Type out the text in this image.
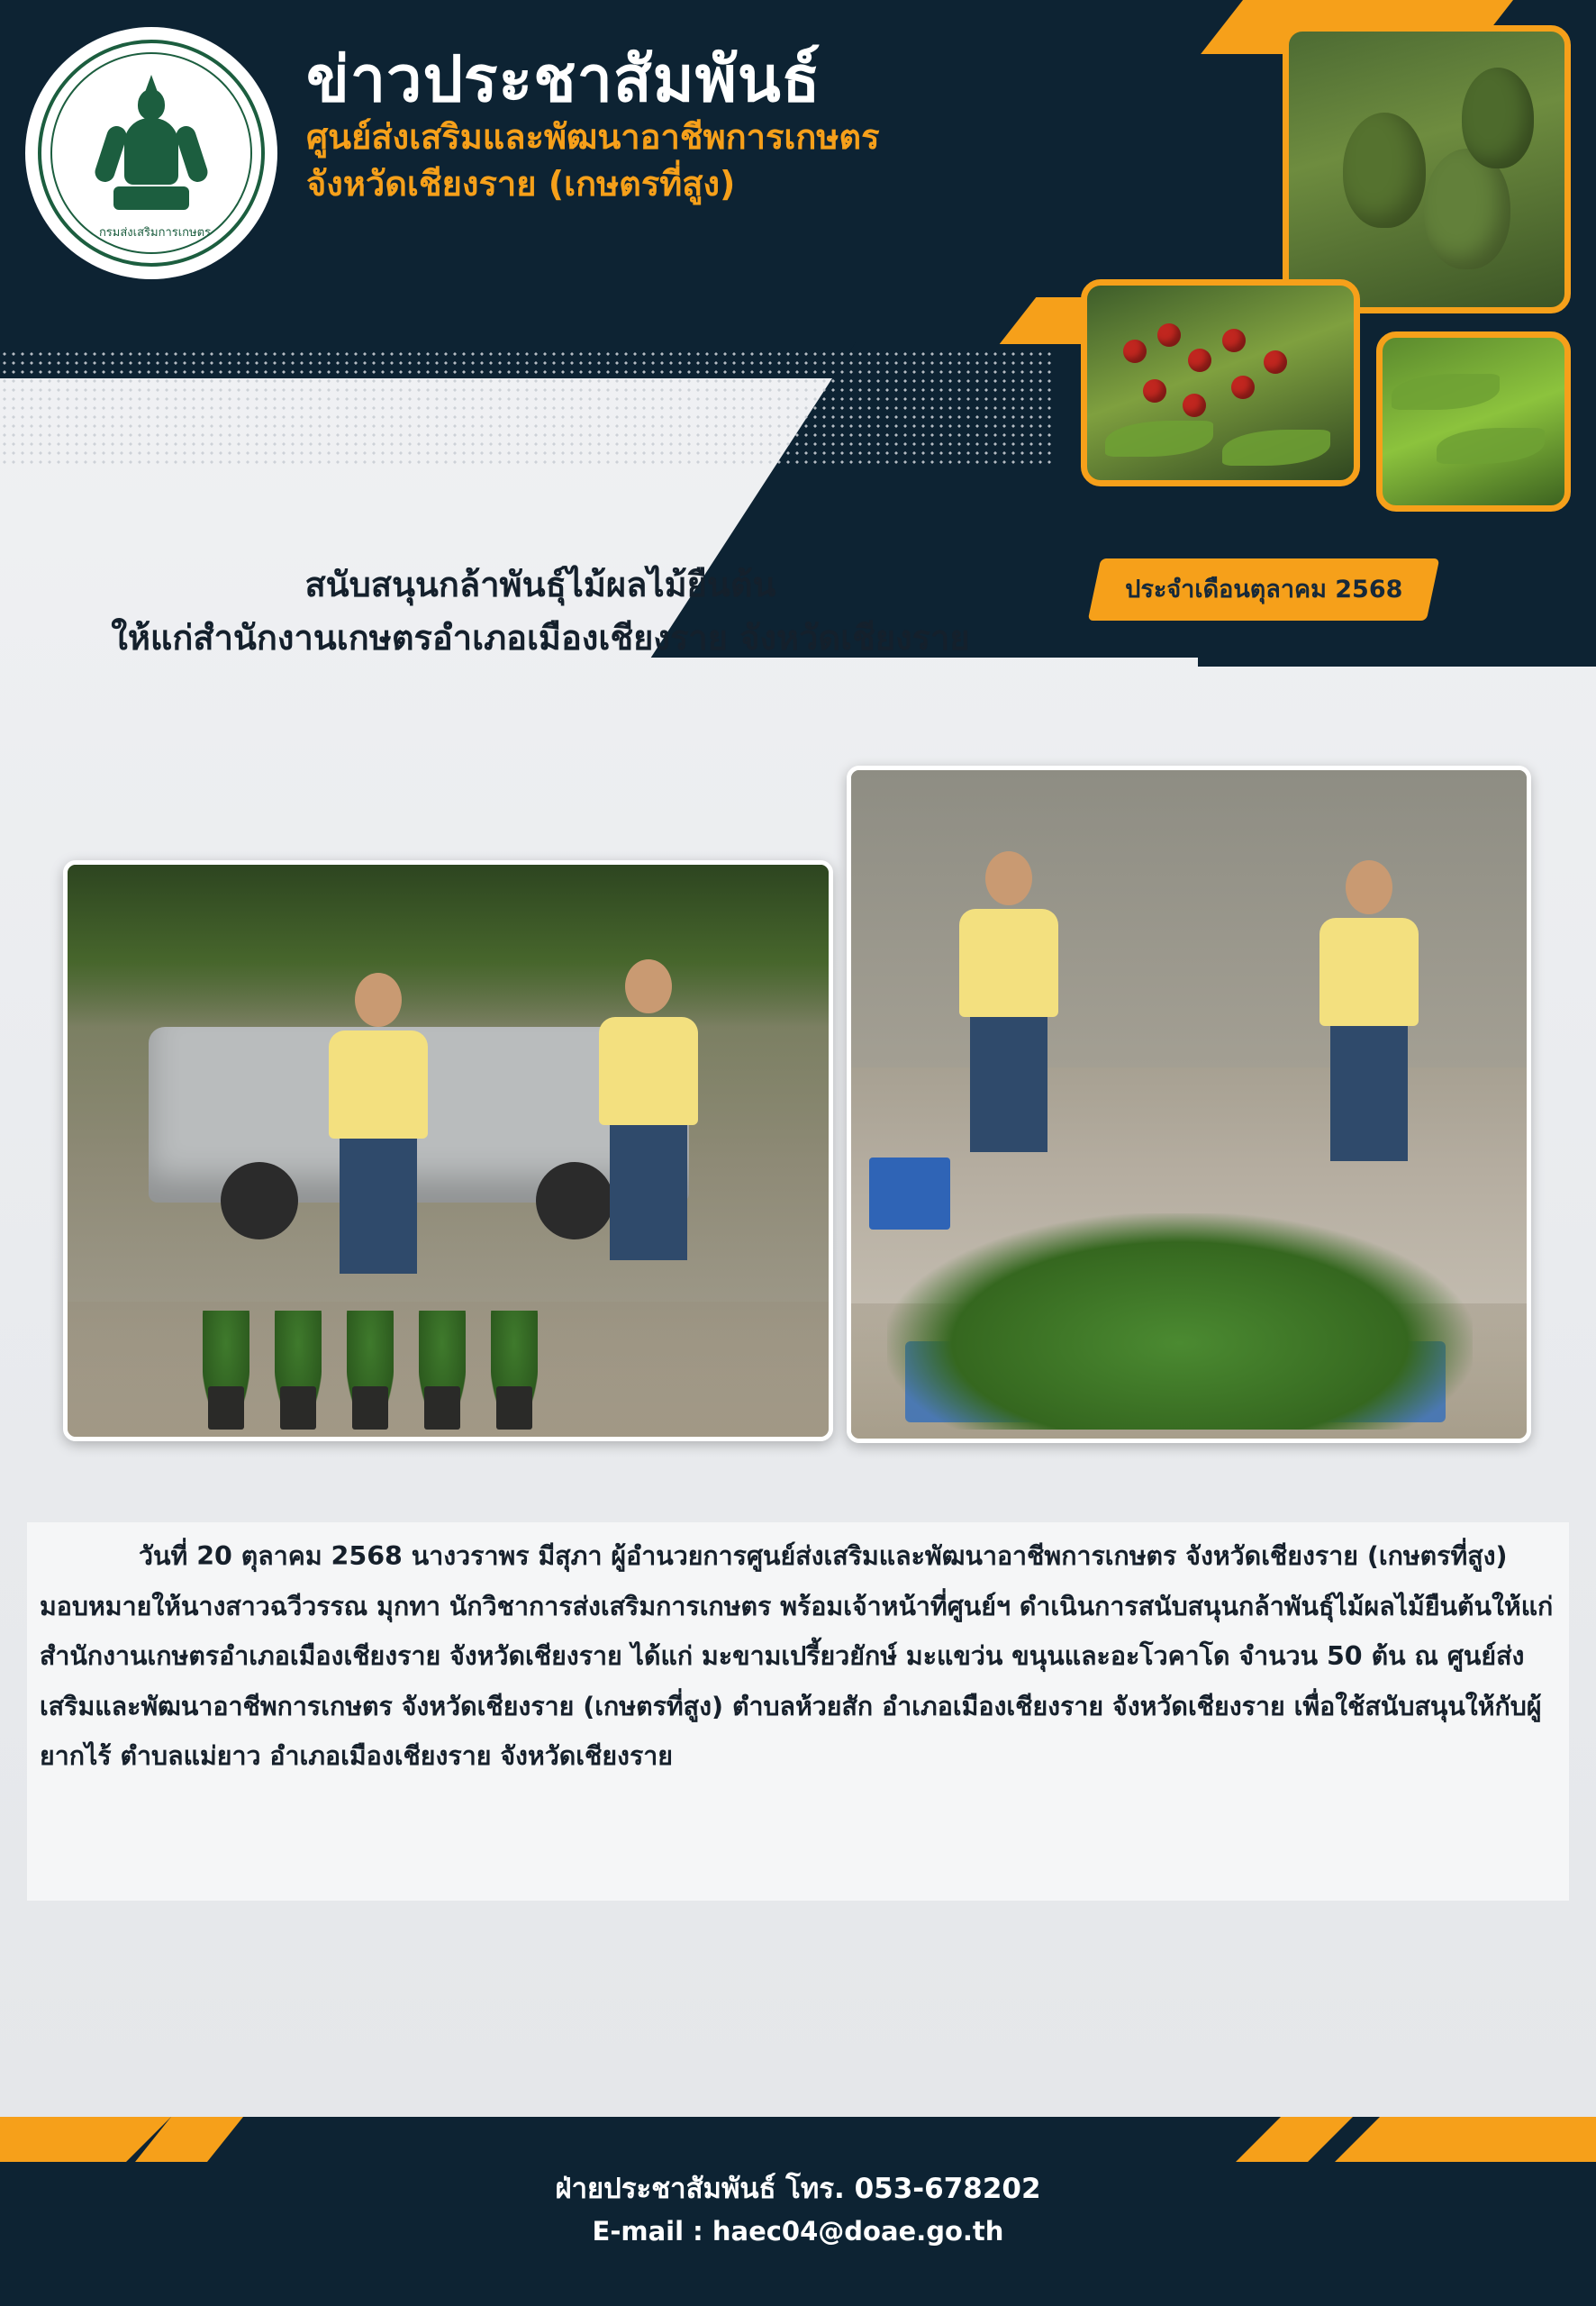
กรมส่งเสริมการเกษตร
ข่าวประชาสัมพันธ์
ศูนย์ส่งเสริมและพัฒนาอาชีพการเกษตร
จังหวัดเชียงราย (เกษตรที่สูง)
ประจำเดือนตุลาคม 2568
สนับสนุนกล้าพันธุ์ไม้ผลไม้ยืนต้น
ให้แก่สำนักงานเกษตรอำเภอเมืองเชียงราย จังหวัดเชียงราย
วันที่ 20 ตุลาคม 2568 นางวราพร มีสุภา ผู้อำนวยการศูนย์ส่งเสริมและพัฒนาอาชีพการเกษตร จังหวัดเชียงราย (เกษตรที่สูง) มอบหมายให้นางสาวฉวีวรรณ มุกทา นักวิชาการส่งเสริมการเกษตร พร้อมเจ้าหน้าที่ศูนย์ฯ ดำเนินการสนับสนุนกล้าพันธุ์ไม้ผลไม้ยืนต้นให้แก่สำนักงานเกษตรอำเภอเมืองเชียงราย จังหวัดเชียงราย ได้แก่ มะขามเปรี้ยวยักษ์ มะแขว่น ขนุนและอะโวคาโด จำนวน 50 ต้น ณ ศูนย์ส่งเสริมและพัฒนาอาชีพการเกษตร จังหวัดเชียงราย (เกษตรที่สูง) ตำบลห้วยสัก อำเภอเมืองเชียงราย จังหวัดเชียงราย เพื่อใช้สนับสนุนให้กับผู้ยากไร้ ตำบลแม่ยาว อำเภอเมืองเชียงราย จังหวัดเชียงราย
ฝ่ายประชาสัมพันธ์ โทร. 053-678202
E-mail : haec04@doae.go.th
